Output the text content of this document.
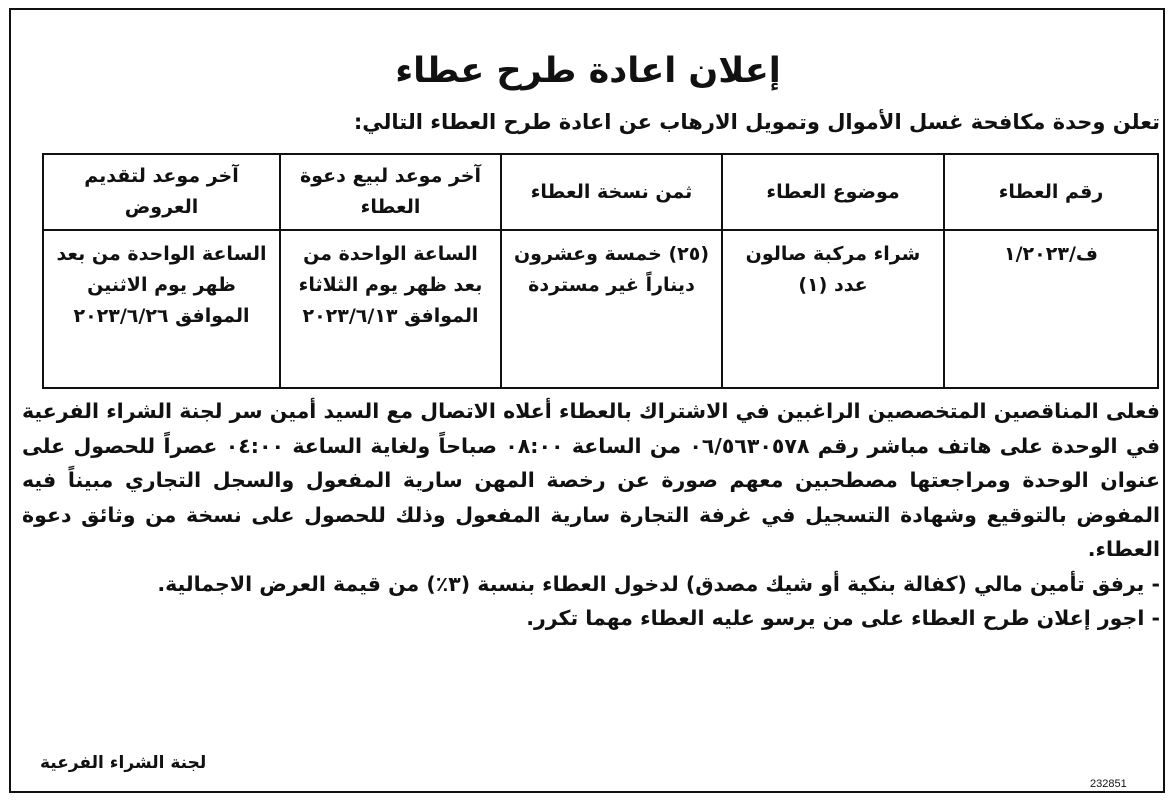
إعلان اعادة طرح عطاء
تعلن وحدة مكافحة غسل الأموال وتمويل الارهاب عن اعادة طرح العطاء التالي:
رقم العطاء	موضوع العطاء	ثمن نسخة العطاء	آخر موعد لبيع دعوة العطاء	آخر موعد لتقديم العروض
ف/١/٢٠٢٣	شراء مركبة صالون عدد (١)	(٢٥) خمسة وعشرون ديناراً غير مستردة	الساعة الواحدة من بعد ظهر يوم الثلاثاء الموافق ٢٠٢٣/٦/١٣	الساعة الواحدة من بعد ظهر يوم الاثنين الموافق ٢٠٢٣/٦/٢٦

فعلى المناقصين المتخصصين الراغبين في الاشتراك بالعطاء أعلاه الاتصال مع السيد أمين سر لجنة الشراء الفرعية في الوحدة على هاتف مباشر رقم ٠٦/٥٦٣٠٥٧٨ من الساعة ٠٨:٠٠ صباحاً ولغاية الساعة ٠٤:٠٠ عصراً للحصول على عنوان الوحدة ومراجعتها مصطحبين معهم صورة عن رخصة المهن سارية المفعول والسجل التجاري مبيناً فيه المفوض بالتوقيع وشهادة التسجيل في غرفة التجارة سارية المفعول وذلك للحصول على نسخة من وثائق دعوة العطاء.

- يرفق تأمين مالي (كفالة بنكية أو شيك مصدق) لدخول العطاء بنسبة (٣٪) من قيمة العرض الاجمالية.

- اجور إعلان طرح العطاء على من يرسو عليه العطاء مهما تكرر.

لجنة الشراء الفرعية
232851
